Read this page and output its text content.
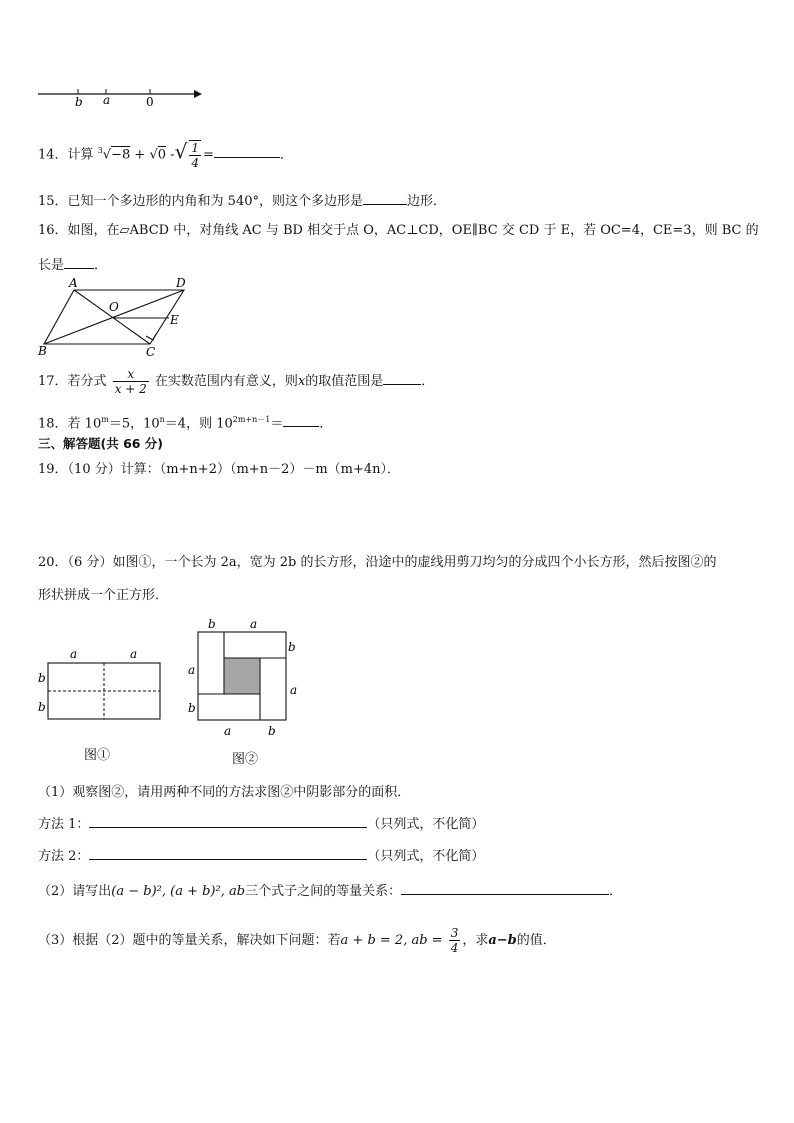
b a	0
14．计算 $^3$√−8 + √0 -√ $\frac{1}{4}$ =	．
15．已知一个多边形的内角和为 540°，则这个多边形是	边形．
16．如图，在▱ABCD 中，对角线 AC 与 BD 相交于点 O，AC⊥CD，OE∥BC 交 CD 于 E，若 OC=4，CE=3，则 BC 的
长是 ．
A	D
O
E
B	C
17．若分式 $\frac{x}{x + 2}$ 在实数范围内有意义，则x的取值范围是	．
18．若 $10^m=5$，$10^n=4$，则 $10^{2m+n-1}=$	．
三、解答题(共 66 分)
19．（10 分）计算：（m+n+2）（m+n－2）－m（m+4n）．
20．（6 分）如图①，一个长为 2a，宽为 2b 的长方形，沿途中的虚线用剪刀均匀的分成四个小长方形，然后按图②的
形状拼成一个正方形．
a	a
b
b
图①
b	a
b
a
a
b
a	b
图②
（1）观察图②，请用两种不同的方法求图②中阴影部分的面积．
方法 1：	（只列式，不化简）
方法 2：	（只列式，不化简）
（2）请写出(a − b)², (a + b)², ab三个式子之间的等量关系：	．
（3）根据（2）题中的等量关系，解决如下问题：若a + b = 2, ab = $\frac{3}{4}$ ，求a−b的值．
